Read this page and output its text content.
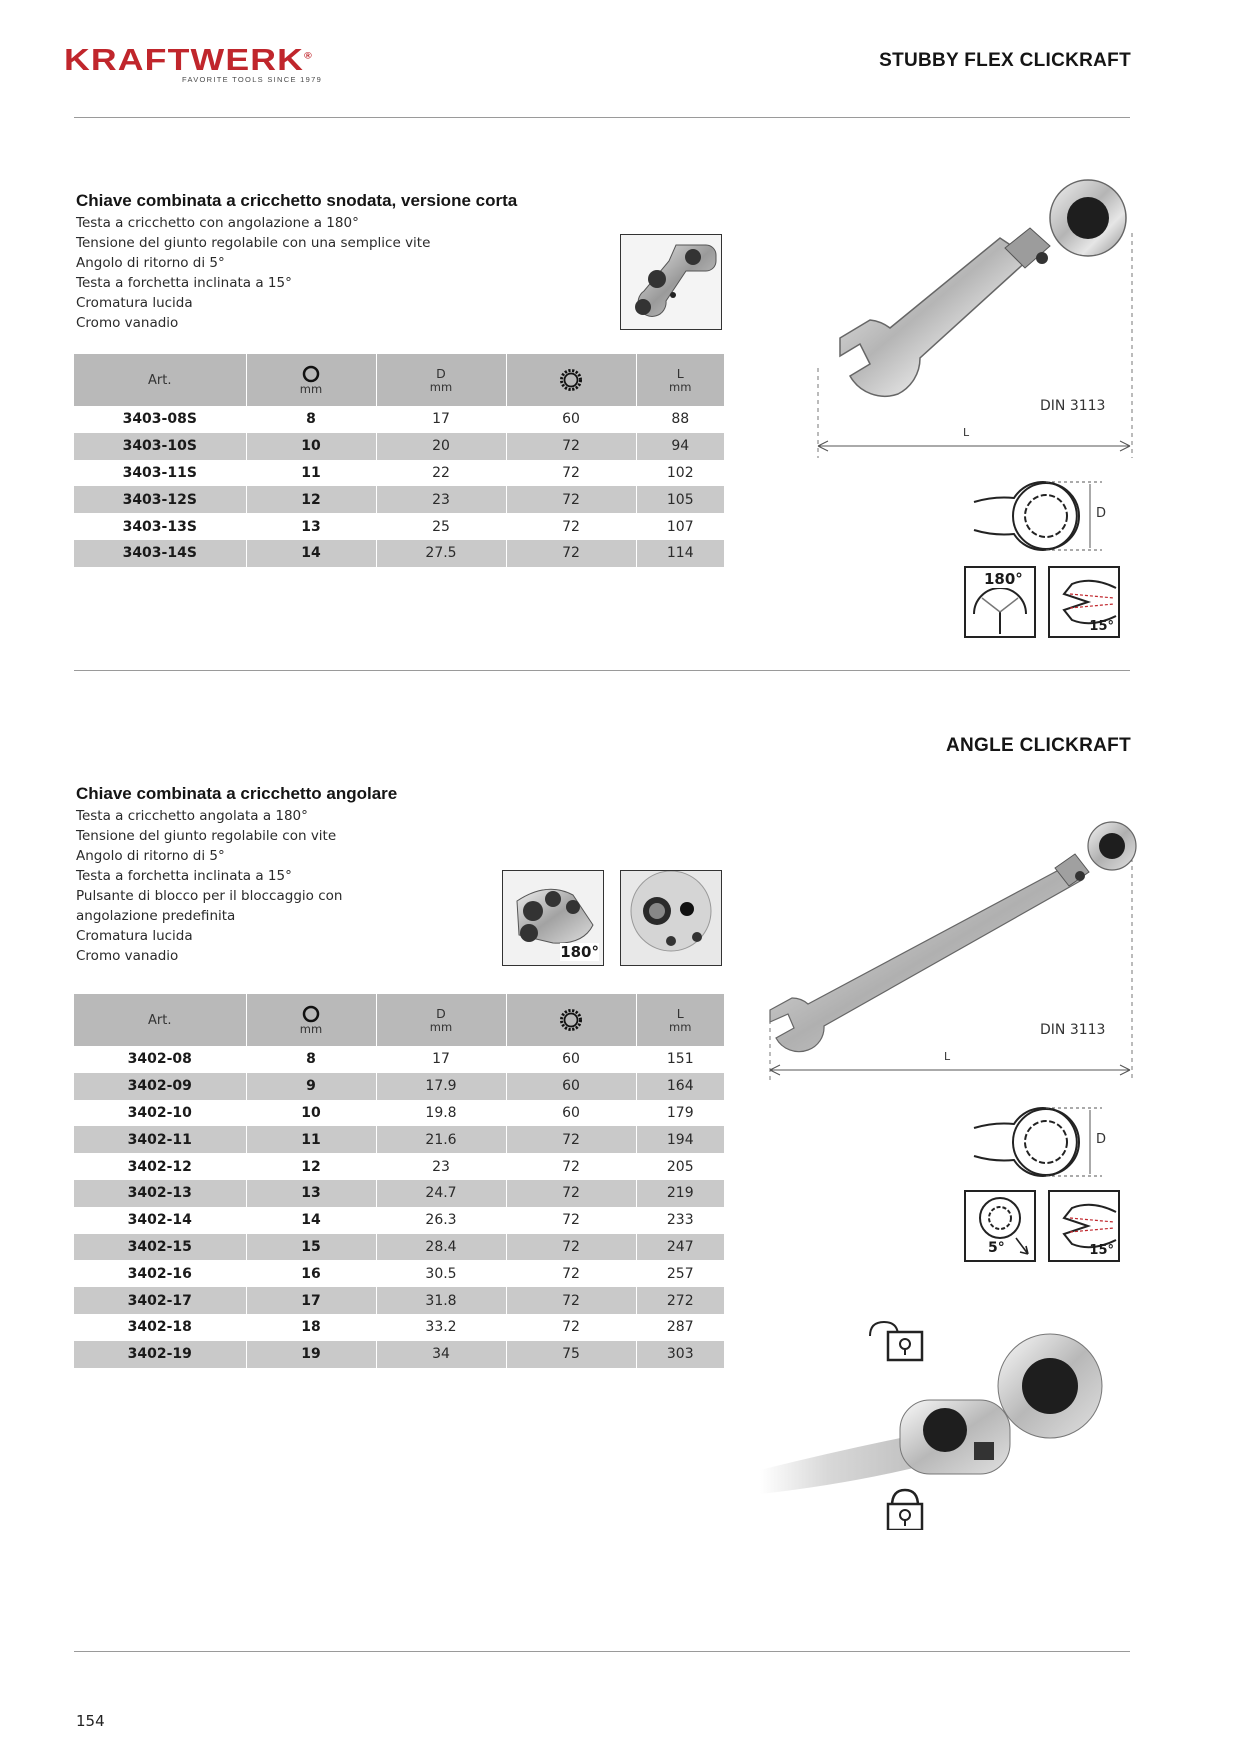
KRAFTWERK®
FAVORITE TOOLS SINCE 1979
STUBBY FLEX CLICKRAFT
Chiave combinata a cricchetto snodata, versione corta
Testa a cricchetto con angolazione a 180°
Tensione del giunto regolabile con una semplice vite
Angolo di ritorno di 5°
Testa a forchetta inclinata a 15°
Cromatura lucida
Cromo vanadio
Art.	mm	D
mm		L
mm

3403-08S	8	17	60	88
3403-10S	10	20	72	94
3403-11S	11	22	72	102
3403-12S	12	23	72	105
3403-13S	13	25	72	107
3403-14S	14	27.5	72	114
DIN 3113
L
D
180°
15°
ANGLE CLICKRAFT
Chiave combinata a cricchetto angolare
Testa a cricchetto angolata a 180°
Tensione del giunto regolabile con vite
Angolo di ritorno di 5°
Testa a forchetta inclinata a 15°
Pulsante di blocco per il bloccaggio con
angolazione predefinita
Cromatura lucida
Cromo vanadio	180°
Art.	mm	D
mm		L
mm

3402-08	8	17	60	151
3402-09	9	17.9	60	164
3402-10	10	19.8	60	179
3402-11	11	21.6	72	194
3402-12	12	23	72	205
3402-13	13	24.7	72	219
3402-14	14	26.3	72	233
3402-15	15	28.4	72	247
3402-16	16	30.5	72	257
3402-17	17	31.8	72	272
3402-18	18	33.2	72	287
3402-19	19	34	75	303
DIN 3113
L
D
5°	15°
154
